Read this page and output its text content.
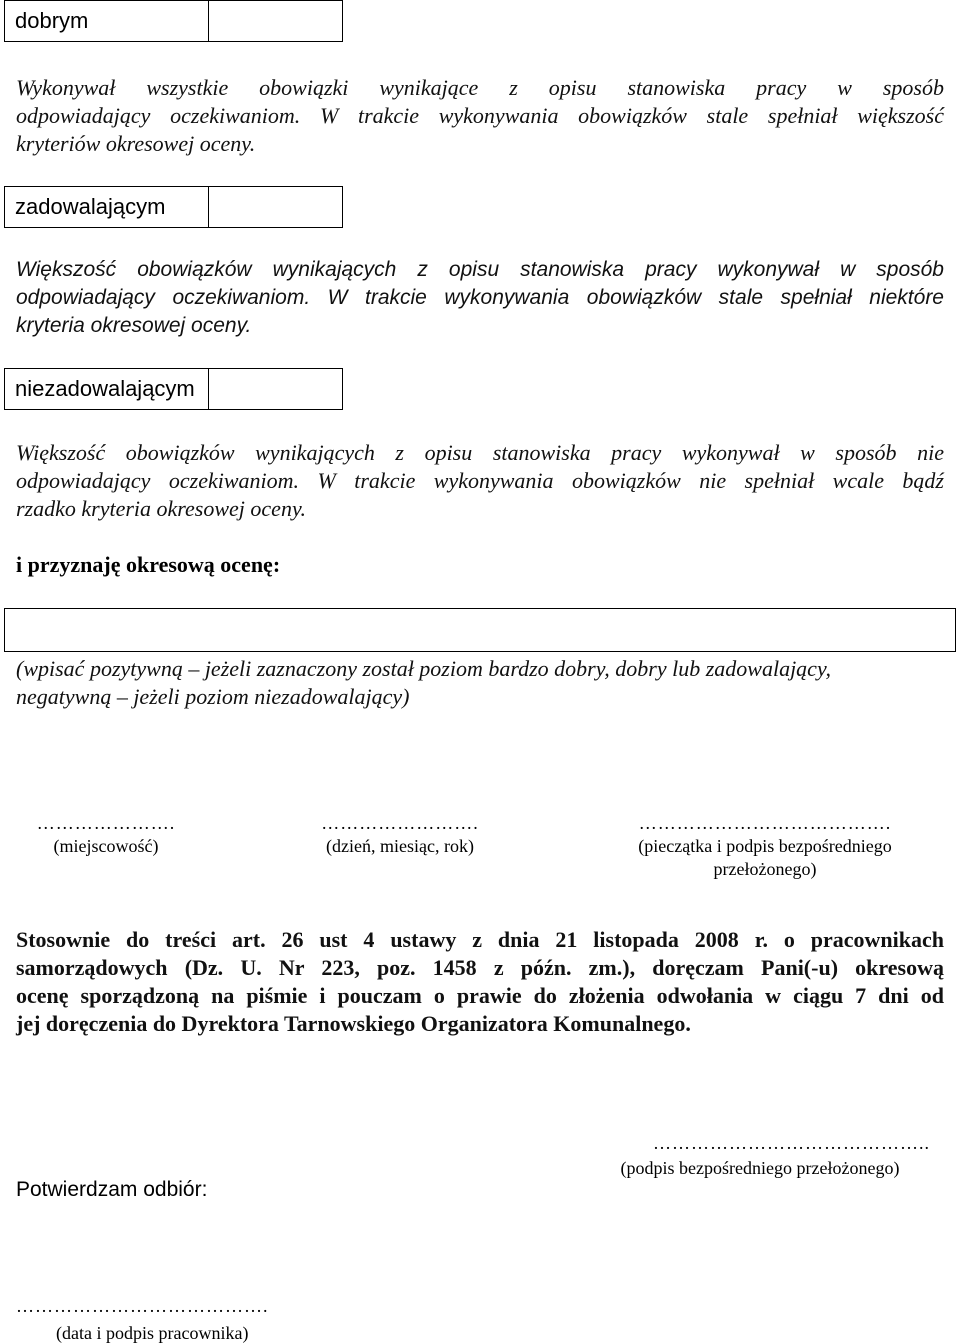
dobrym
Wykonywał wszystkie obowiązki wynikające z opisu stanowiska pracy w sposób
odpowiadający oczekiwaniom. W trakcie wykonywania obowiązków stale spełniał większość
kryteriów okresowej oceny.
zadowalającym
Większość obowiązków wynikających z opisu stanowiska pracy wykonywał w sposób
odpowiadający oczekiwaniom. W trakcie wykonywania obowiązków stale spełniał niektóre
kryteria okresowej oceny.
niezadowalającym
Większość obowiązków wynikających z opisu stanowiska pracy wykonywał w sposób nie
odpowiadający oczekiwaniom. W trakcie wykonywania obowiązków nie spełniał wcale bądź
rzadko kryteria okresowej oceny.
i przyznaję okresową ocenę:
(wpisać pozytywną – jeżeli zaznaczony został poziom bardzo dobry, dobry lub zadowalający,
negatywną – jeżeli poziom niezadowalający)
………………….
(miejscowość)
…………………….
(dzień, miesiąc, rok)
………………………………….
(pieczątka i podpis bezpośredniego
przełożonego)
Stosownie do treści art. 26 ust 4 ustawy z dnia 21 listopada 2008 r. o pracownikach
samorządowych (Dz. U. Nr 223, poz. 1458 z późn. zm.), doręczam Pani(-u) okresową
ocenę sporządzoną na piśmie i pouczam o prawie do złożenia odwołania w ciągu 7 dni od
jej doręczenia do Dyrektora Tarnowskiego Organizatora Komunalnego.
……………………………………..
(podpis bezpośredniego przełożonego)
Potwierdzam odbiór:
………………………………….
(data i podpis pracownika)
